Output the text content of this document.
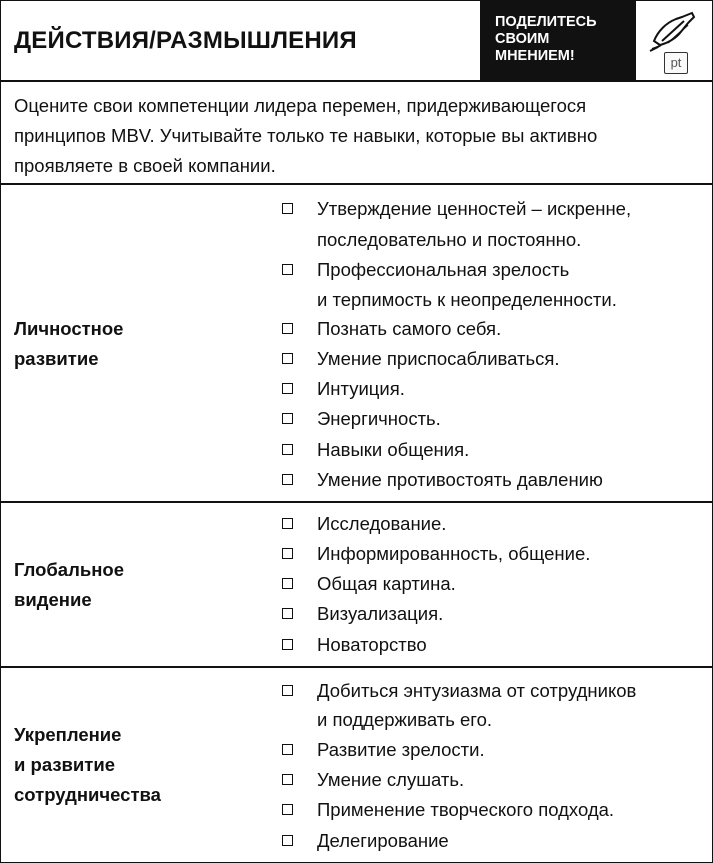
ДЕЙСТВИЯ/РАЗМЫШЛЕНИЯ
ПОДЕЛИТЕСЬ
СВОИМ
МНЕНИЕМ!	pt
Оцените свои компетенции лидера перемен, придерживающегося
принципов MBV. Учитывайте только те навыки, которые вы активно
проявляете в своей компании.
Личностное
развитие
Утверждение ценностей – искренне,
последовательно и постоянно.
Профессиональная зрелость
и терпимость к неопределенности.
Познать самого себя.
Умение приспосабливаться.
Интуиция.
Энергичность.
Навыки общения.
Умение противостоять давлению
Глобальное
видение
Исследование.
Информированность, общение.
Общая картина.
Визуализация.
Новаторство
Укрепление
и развитие
сотрудничества
Добиться энтузиазма от сотрудников
и поддерживать его.
Развитие зрелости.
Умение слушать.
Применение творческого подхода.
Делегирование
